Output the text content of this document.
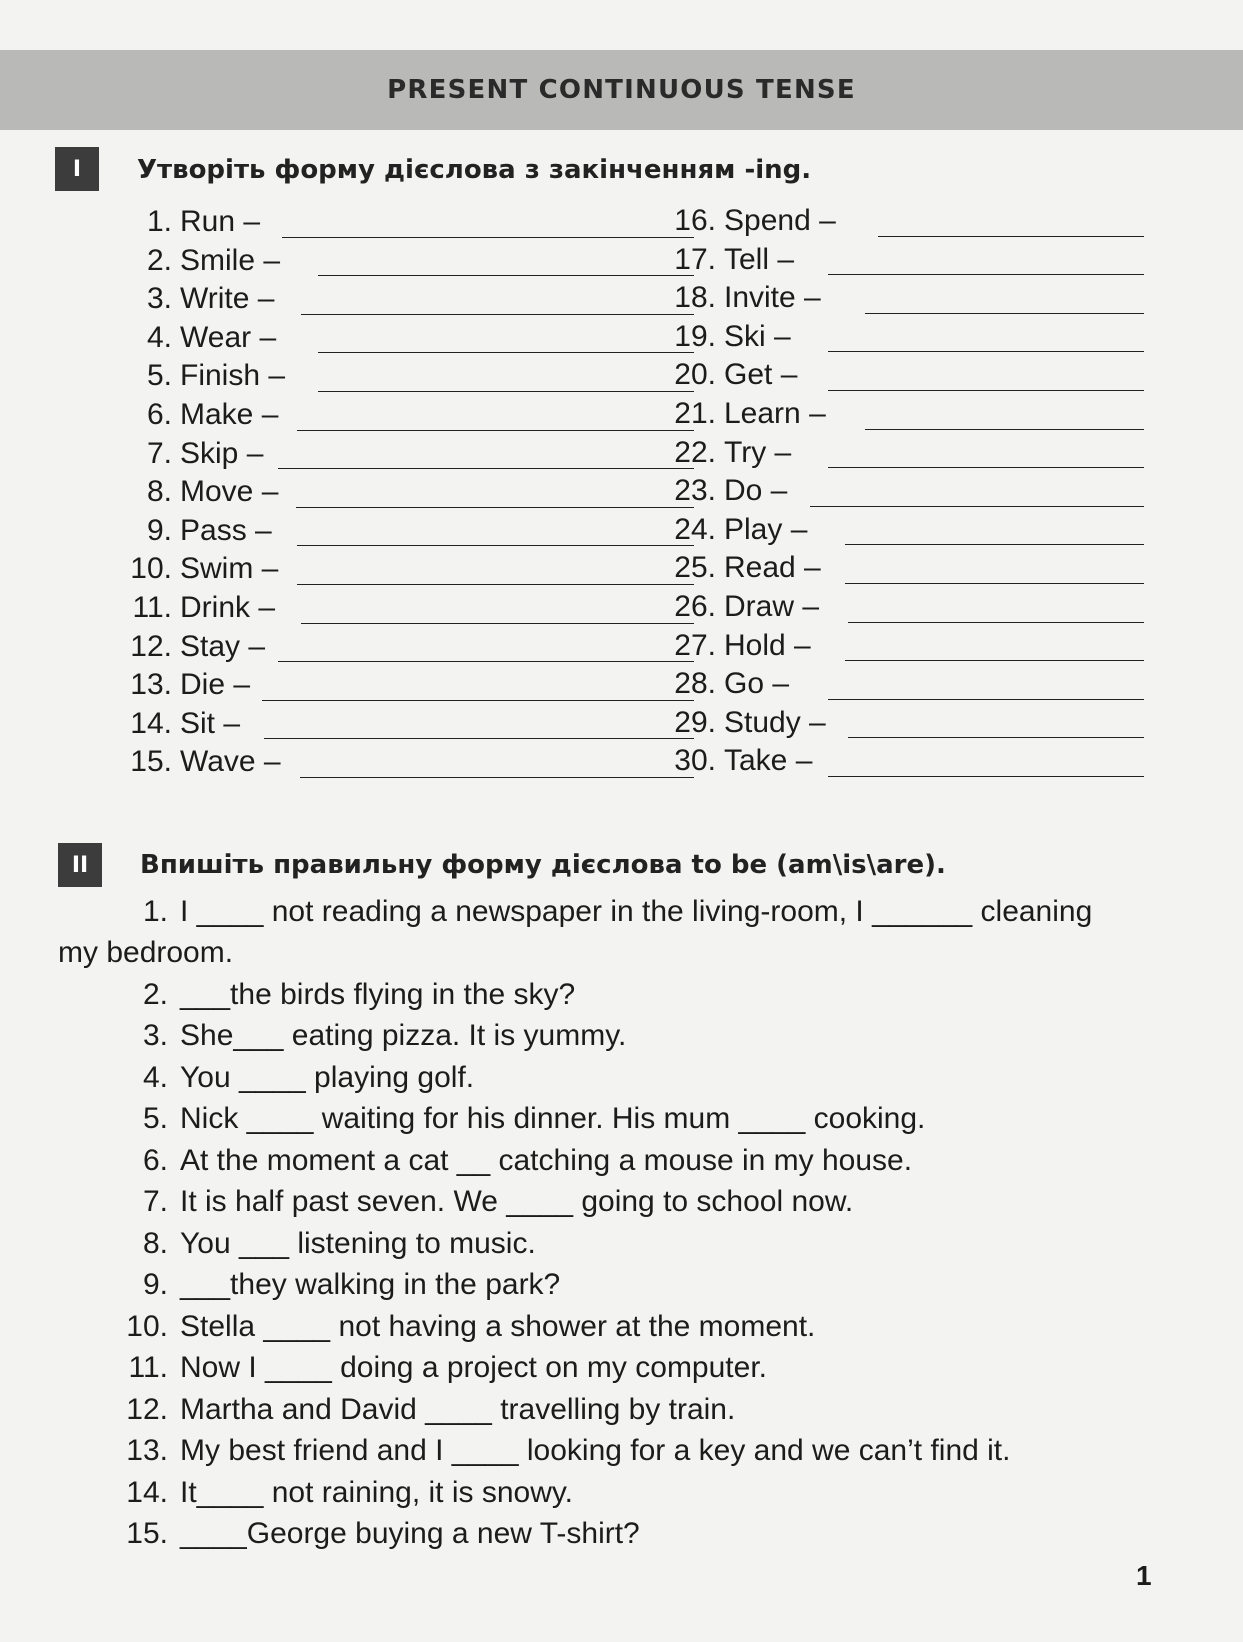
PRESENT CONTINUOUS TENSE
I	Утворіть форму дієслова з закінченням -ing.
1. Run –
2. Smile –
3. Write –
4. Wear –
5. Finish –
6. Make –
7. Skip –
8. Move –
9. Pass –
10. Swim –
11. Drink –
12. Stay –
13. Die –
14. Sit –
15. Wave –
16. Spend –
17. Tell –
18. Invite –
19. Ski –
20. Get –
21. Learn –
22. Try –
23. Do –
24. Play –
25. Read –
26. Draw –
27. Hold –
28. Go –
29. Study –
30. Take –
II	Впишіть правильну форму дієслова to be (am\is\are).
1. I ____ not reading a newspaper in the living-room, I ______ cleaning
my bedroom.
2. ___the birds flying in the sky?
3. She___ eating pizza. It is yummy.
4. You ____ playing golf.
5. Nick ____ waiting for his dinner. His mum ____ cooking.
6. At the moment a cat __ catching a mouse in my house.
7. It is half past seven. We ____ going to school now.
8. You ___ listening to music.
9. ___they walking in the park?
10. Stella ____ not having a shower at the moment.
11. Now I ____ doing a project on my computer.
12. Martha and David ____ travelling by train.
13. My best friend and I ____ looking for a key and we can’t find it.
14. It____ not raining, it is snowy.
15. ____George buying a new T-shirt?
1
